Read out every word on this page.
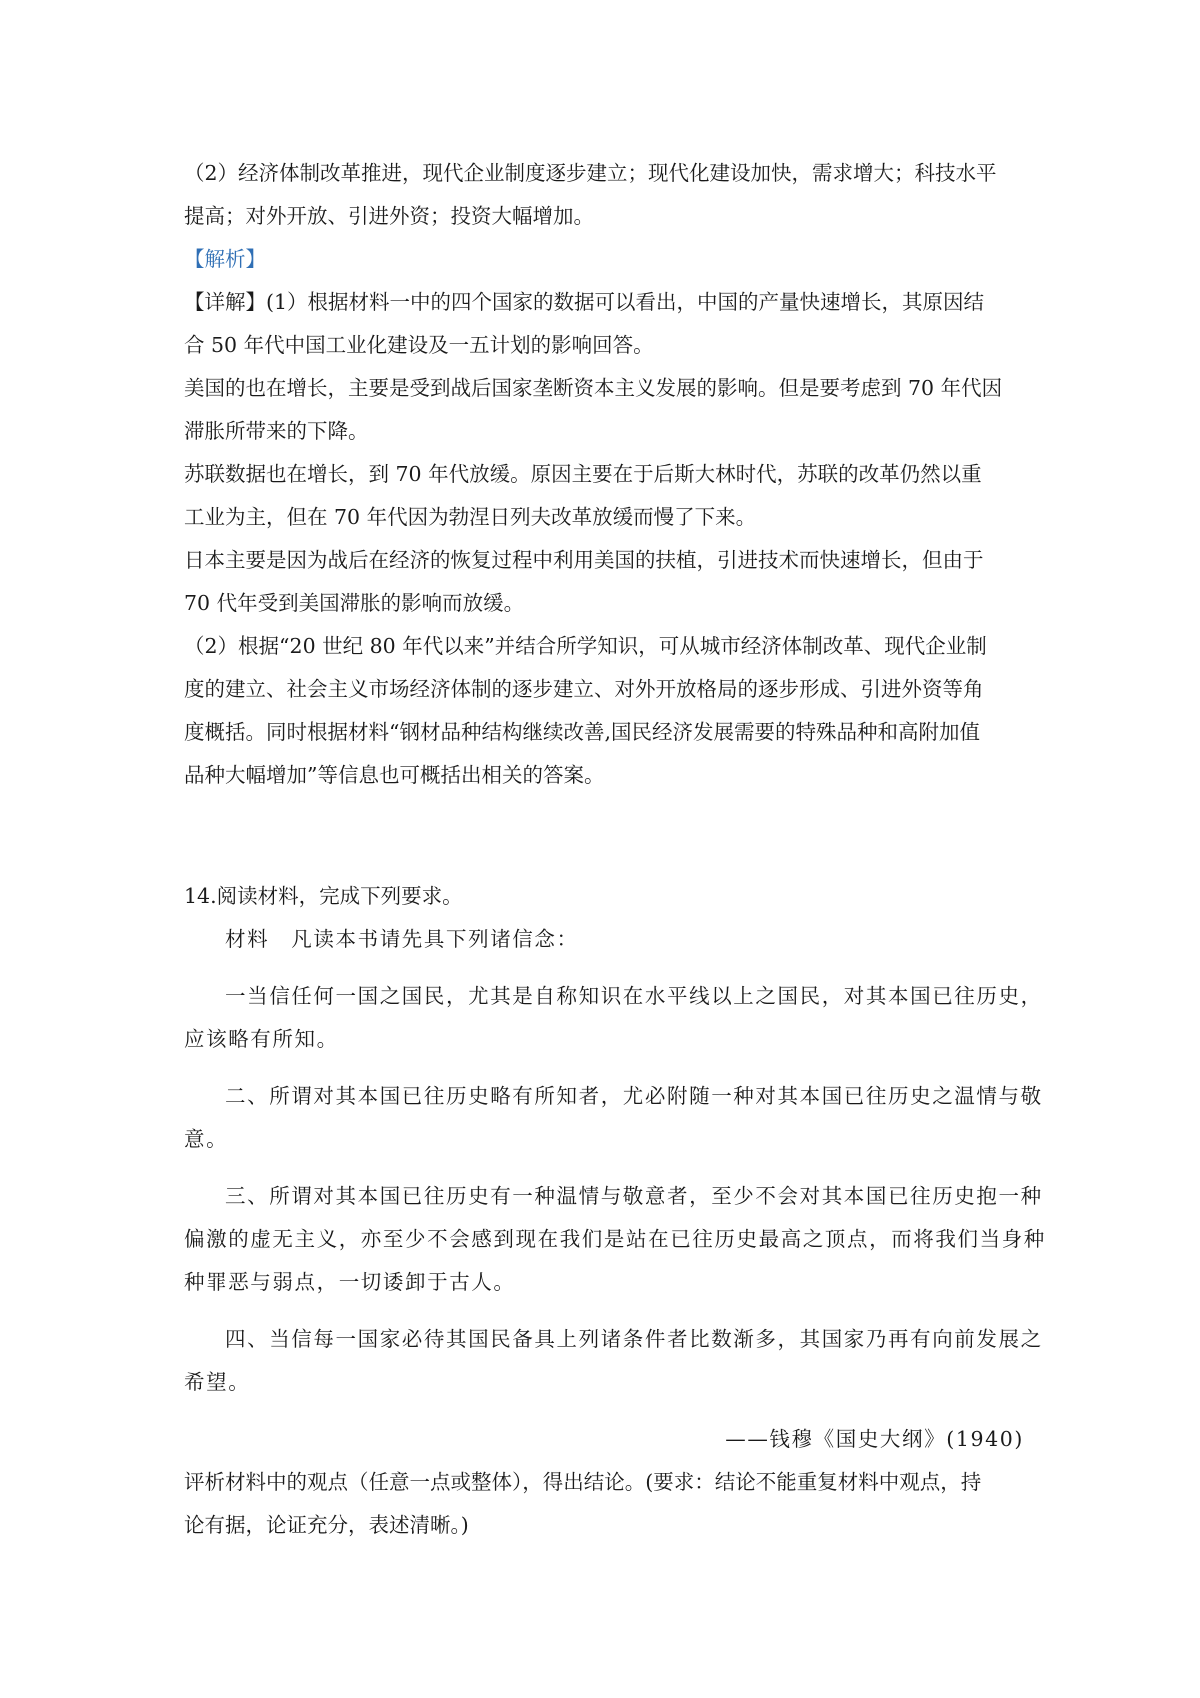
（2）经济体制改革推进，现代企业制度逐步建立；现代化建设加快，需求增大；科技水平

提高；对外开放、引进外资；投资大幅增加。

【解析】

【详解】(1）根据材料一中的四个国家的数据可以看出，中国的产量快速增长，其原因结

合 50 年代中国工业化建设及一五计划的影响回答。

美国的也在增长，主要是受到战后国家垄断资本主义发展的影响。但是要考虑到 70 年代因

滞胀所带来的下降。

苏联数据也在增长，到 70 年代放缓。原因主要在于后斯大林时代，苏联的改革仍然以重

工业为主，但在 70 年代因为勃涅日列夫改革放缓而慢了下来。

日本主要是因为战后在经济的恢复过程中利用美国的扶植，引进技术而快速增长，但由于

70 代年受到美国滞胀的影响而放缓。

（2）根据“20 世纪 80 年代以来”并结合所学知识，可从城市经济体制改革、现代企业制

度的建立、社会主义市场经济体制的逐步建立、对外开放格局的逐步形成、引进外资等角

度概括。同时根据材料“钢材品种结构继续改善,国民经济发展需要的特殊品种和高附加值

品种大幅增加”等信息也可概括出相关的答案。

14.阅读材料，完成下列要求。

材料　凡读本书请先具下列诸信念：

一当信任何一国之国民，尤其是自称知识在水平线以上之国民，对其本国已往历史，

应该略有所知。

二、所谓对其本国已往历史略有所知者，尤必附随一种对其本国已往历史之温情与敬

意。

三、所谓对其本国已往历史有一种温情与敬意者，至少不会对其本国已往历史抱一种

偏激的虚无主义，亦至少不会感到现在我们是站在已往历史最高之顶点，而将我们当身种

种罪恶与弱点，一切诿卸于古人。

四、当信每一国家必待其国民备具上列诸条件者比数渐多，其国家乃再有向前发展之

希望。

——钱穆《国史大纲》(1940)

评析材料中的观点（任意一点或整体），得出结论。(要求：结论不能重复材料中观点，持

论有据，论证充分，表述清晰。)
